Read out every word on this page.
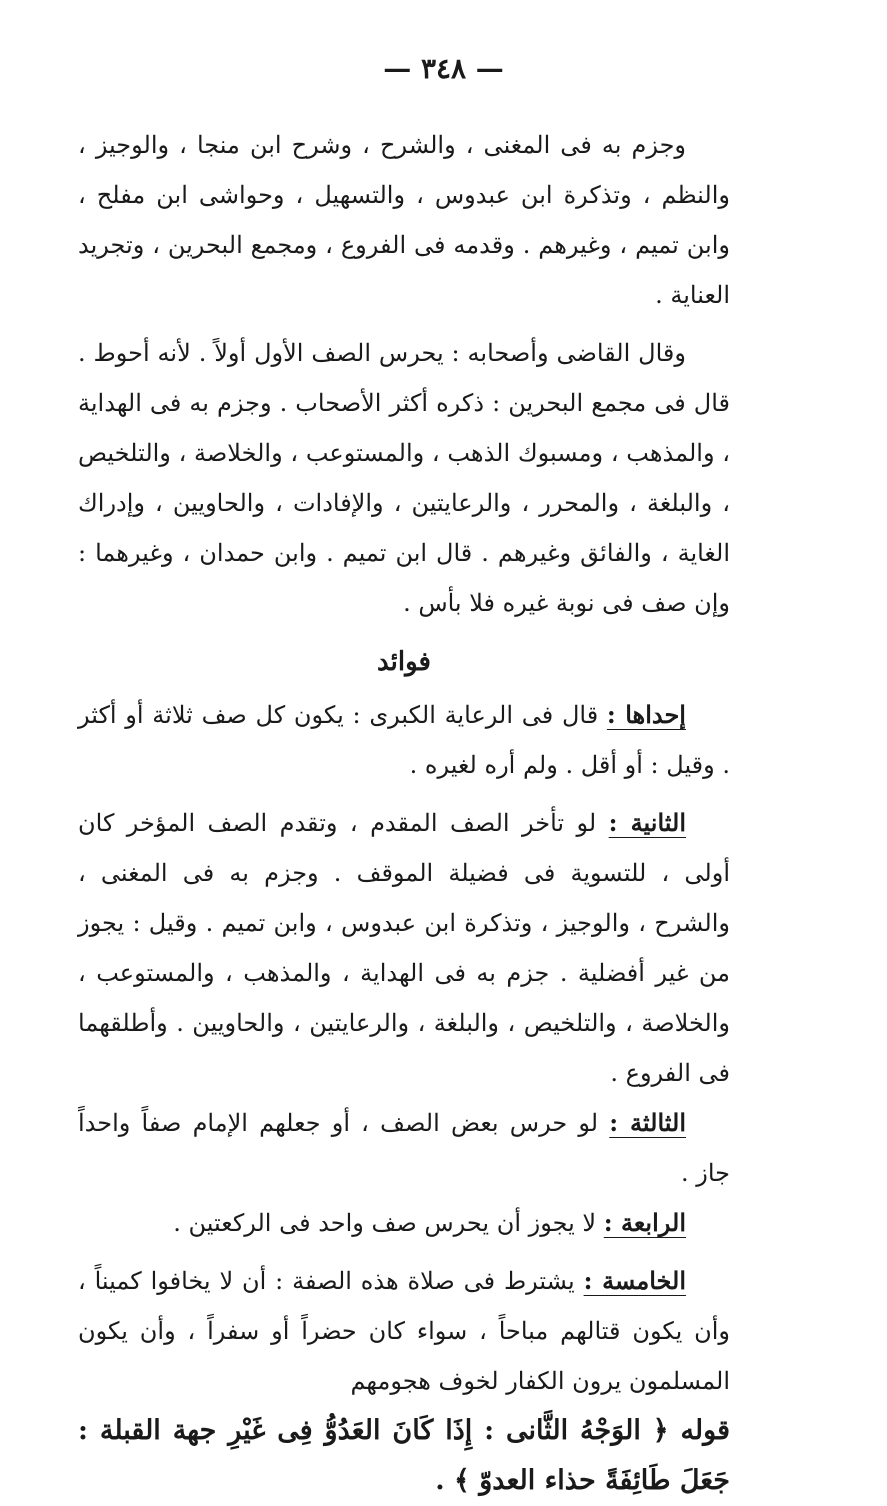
— ٣٤٨ —

وجزم به فى المغنى ، والشرح ، وشرح ابن منجا ، والوجيز ، والنظم ، وتذكرة ابن عبدوس ، والتسهيل ، وحواشى ابن مفلح ، وابن تميم ، وغيرهم . وقدمه فى الفروع ، ومجمع البحرين ، وتجريد العناية .

وقال القاضى وأصحابه : يحرس الصف الأول أولاً . لأنه أحوط . قال فى مجمع البحرين : ذكره أكثر الأصحاب . وجزم به فى الهداية ، والمذهب ، ومسبوك الذهب ، والمستوعب ، والخلاصة ، والتلخيص ، والبلغة ، والمحرر ، والرعايتين ، والإفادات ، والحاويين ، وإدراك الغاية ، والفائق وغيرهم . قال ابن تميم . وابن حمدان ، وغيرهما : وإن صف فى نوبة غيره فلا بأس .

فوائد

إحداها : قال فى الرعاية الكبرى : يكون كل صف ثلاثة أو أكثر . وقيل : أو أقل . ولم أره لغيره .

الثانية : لو تأخر الصف المقدم ، وتقدم الصف المؤخر كان أولى ، للتسوية فى فضيلة الموقف . وجزم به فى المغنى ، والشرح ، والوجيز ، وتذكرة ابن عبدوس ، وابن تميم . وقيل : يجوز من غير أفضلية . جزم به فى الهداية ، والمذهب ، والمستوعب ، والخلاصة ، والتلخيص ، والبلغة ، والرعايتين ، والحاويين . وأطلقهما فى الفروع .

الثالثة : لو حرس بعض الصف ، أو جعلهم الإمام صفاً واحداً جاز .

الرابعة : لا يجوز أن يحرس صف واحد فى الركعتين .

الخامسة : يشترط فى صلاة هذه الصفة : أن لا يخافوا كميناً ، وأن يكون قتالهم مباحاً ، سواء كان حضراً أو سفراً ، وأن يكون المسلمون يرون الكفار لخوف هجومهم

قوله ﴿ الوَجْهُ الثَّانى : إِذَا كَانَ العَدُوُّ فِى غَيْرِ جهة القبلة : جَعَلَ طَائِفَةً حذاء العدوّ ﴾ .
